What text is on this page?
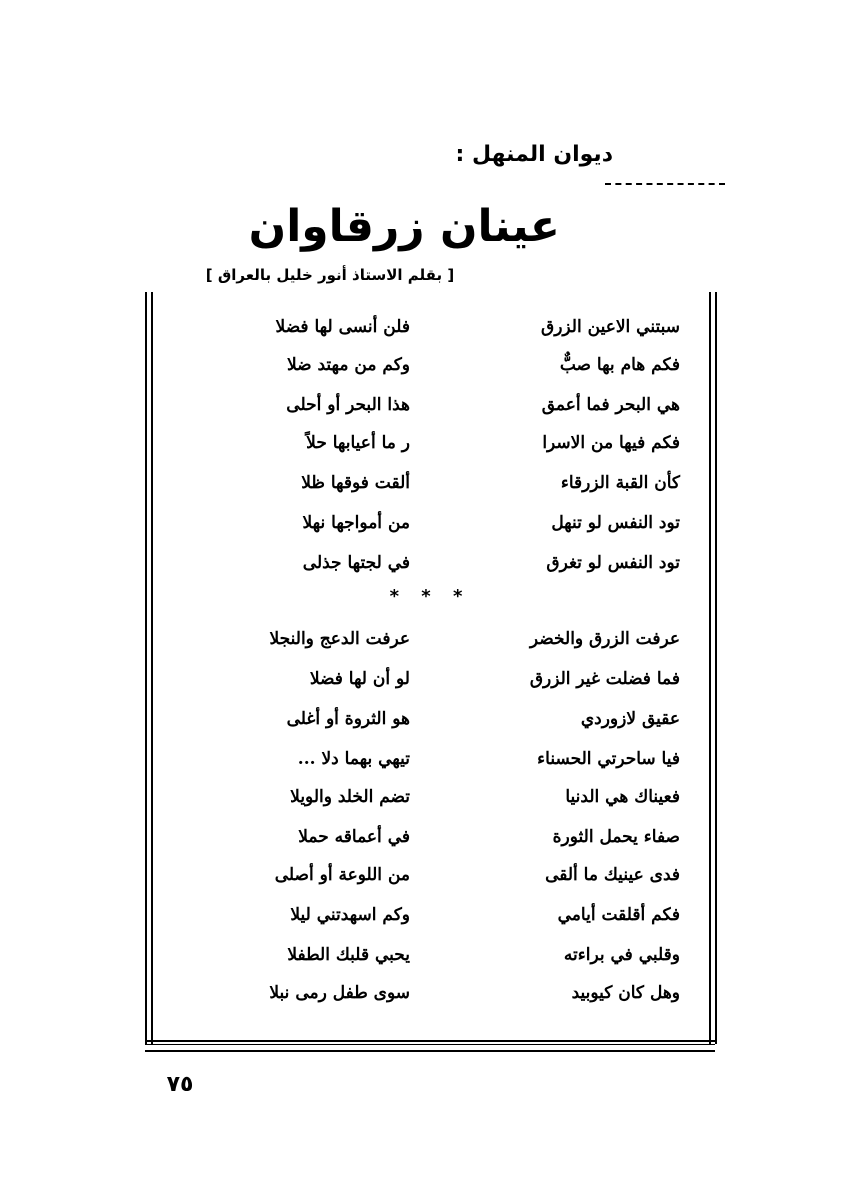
ديوان المنهل :
عينان زرقاوان
[ بقلم الاستاذ أنور خليل بالعراق ]
سبتني الاعين الزرق
فلن أنسى لها فضلا
فكم هام بها صبٌّ
وكم من مهتد ضلا
هي البحر فما أعمق
هذا البحر أو أحلى
فكم فيها من الاسرا
ر ما أعيابها حلاً
كأن القبة الزرقاء
ألقت فوقها ظلا
تود النفس لو تنهل
من أمواجها نهلا
تود النفس لو تغرق
في لجتها جذلى
عرفت الزرق والخضر
عرفت الدعج والنجلا
فما فضلت غير الزرق
لو أن لها فضلا
عقيق لازوردي
هو الثروة أو أغلى
فيا ساحرتي الحسناء
تيهي بهما دلا ...
فعيناك هي الدنيا
تضم الخلد والويلا
صفاء يحمل الثورة
في أعماقه حملا
فدى عينيك ما ألقى
من اللوعة أو أصلى
فكم أقلقت أيامي
وكم اسهدتني ليلا
وقلبي في براءته
يحبي قلبك الطفلا
وهل كان كيوبيد
سوى طفل رمى نبلا
* * *
٧٥
